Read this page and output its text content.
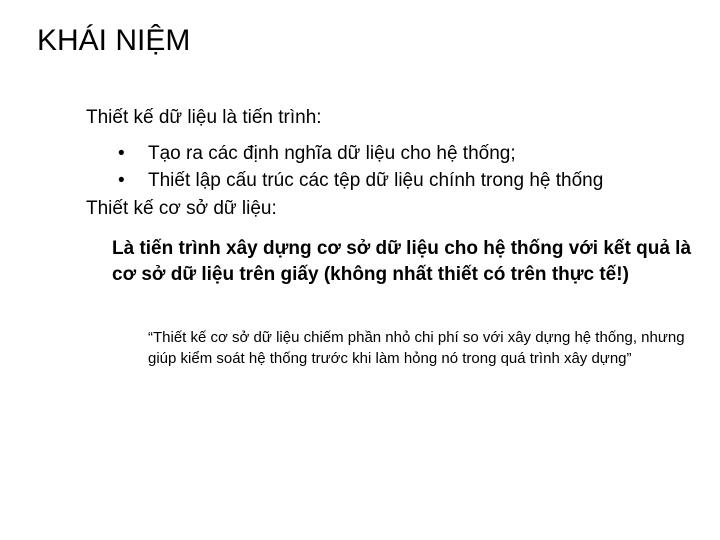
KHÁI NIỆM

Thiết kế dữ liệu là tiến trình:

• Tạo ra các định nghĩa dữ liệu cho hệ thống;
• Thiết lập cấu trúc các tệp dữ liệu chính trong hệ thống

Thiết kế cơ sở dữ liệu:

Là tiến trình xây dựng cơ sở dữ liệu cho hệ thống với kết quả là cơ sở dữ liệu trên giấy (không nhất thiết có trên thực tế!)

“Thiết kế cơ sở dữ liệu chiếm phần nhỏ chi phí so với xây dựng hệ thống, nhưng giúp kiểm soát hệ thống trước khi làm hỏng nó trong quá trình xây dựng”
